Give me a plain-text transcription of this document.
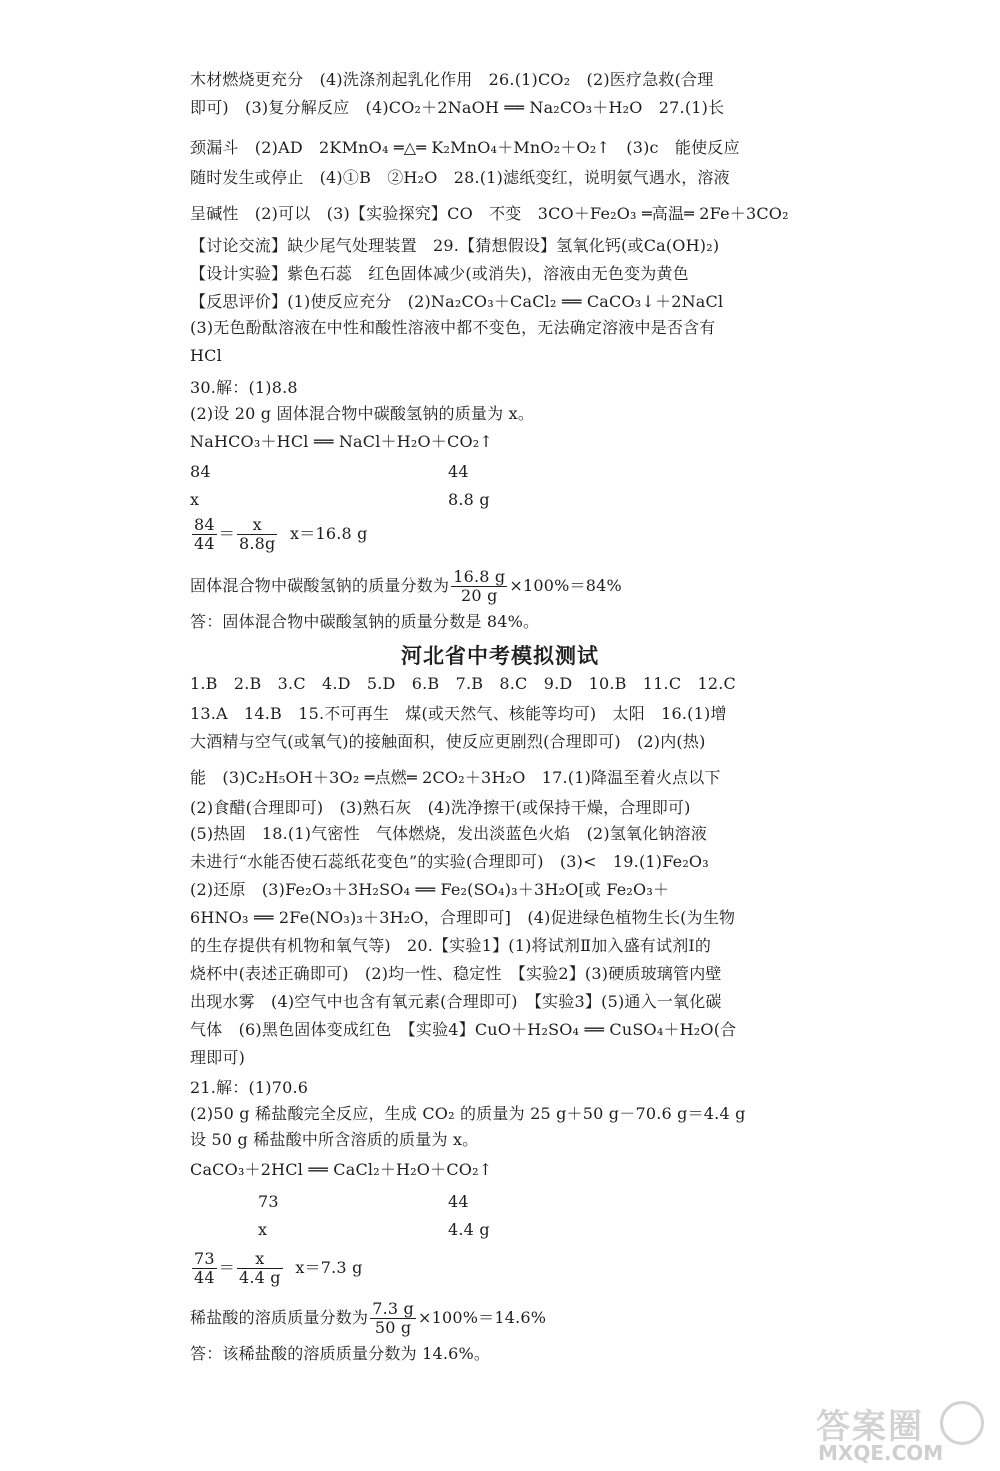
木材燃烧更充分　(4)洗涤剂起乳化作用　26.(1)CO₂　(2)医疗急救(合理
即可)　(3)复分解反应　(4)CO₂＋2NaOH ══ Na₂CO₃＋H₂O　27.(1)长
颈漏斗　(2)AD　2KMnO₄ ═△═ K₂MnO₄＋MnO₂＋O₂↑　(3)c　能使反应
随时发生或停止　(4)①B　②H₂O　28.(1)滤纸变红，说明氨气遇水，溶液
呈碱性　(2)可以　(3)【实验探究】CO　不变　3CO＋Fe₂O₃ ═高温═ 2Fe＋3CO₂
【讨论交流】缺少尾气处理装置　29.【猜想假设】氢氧化钙(或Ca(OH)₂)
【设计实验】紫色石蕊　红色固体减少(或消失)，溶液由无色变为黄色
【反思评价】(1)使反应充分　(2)Na₂CO₃＋CaCl₂ ══ CaCO₃↓＋2NaCl
(3)无色酚酞溶液在中性和酸性溶液中都不变色，无法确定溶液中是否含有
HCl
30.解：(1)8.8
(2)设 20 g 固体混合物中碳酸氢钠的质量为 x。
NaHCO₃＋HCl ══ NaCl＋H₂O＋CO₂↑
84	44
x	8.8 g
$\frac{84}{44} = \frac{x}{8.8g} x=16.8$ g
固体混合物中碳酸氢钠的质量分数为 $\frac{16.8 g}{20 g} \times 100\%=84\%$
答：固体混合物中碳酸氢钠的质量分数是 84%。
河北省中考模拟测试
1.B　2.B　3.C　4.D　5.D　6.B　7.B　8.C　9.D　10.B　11.C　12.C
13.A　14.B　15.不可再生　煤(或天然气、核能等均可)　太阳　16.(1)增
大酒精与空气(或氧气)的接触面积，使反应更剧烈(合理即可)　(2)内(热)
能　(3)C₂H₅OH＋3O₂ ═点燃═ 2CO₂＋3H₂O　17.(1)降温至着火点以下
(2)食醋(合理即可)　(3)熟石灰　(4)洗净擦干(或保持干燥，合理即可)
(5)热固　18.(1)气密性　气体燃烧，发出淡蓝色火焰　(2)氢氧化钠溶液
未进行“水能否使石蕊纸花变色”的实验(合理即可)　(3)<　19.(1)Fe₂O₃
(2)还原　(3)Fe₂O₃＋3H₂SO₄ ══ Fe₂(SO₄)₃＋3H₂O[或 Fe₂O₃＋
6HNO₃ ══ 2Fe(NO₃)₃＋3H₂O，合理即可]　(4)促进绿色植物生长(为生物
的生存提供有机物和氧气等)　20.【实验1】(1)将试剂Ⅱ加入盛有试剂Ⅰ的
烧杯中(表述正确即可)　(2)均一性、稳定性　【实验2】(3)硬质玻璃管内壁
出现水雾　(4)空气中也含有氧元素(合理即可)　【实验3】(5)通入一氧化碳
气体　(6)黑色固体变成红色　【实验4】CuO＋H₂SO₄ ══ CuSO₄＋H₂O(合
理即可)
21.解：(1)70.6
(2)50 g 稀盐酸完全反应，生成 CO₂ 的质量为 25 g＋50 g－70.6 g＝4.4 g
设 50 g 稀盐酸中所含溶质的质量为 x。
CaCO₃＋2HCl ══ CaCl₂＋H₂O＋CO₂↑
73	44
x	4.4 g
$\frac{73}{44} = \frac{x}{4.4 g} x=7.3$ g
稀盐酸的溶质质量分数为 $\frac{7.3 g}{50 g} \times 100\%=14.6\%$
答：该稀盐酸的溶质质量分数为 14.6%。
答案圈
MXQE.COM
